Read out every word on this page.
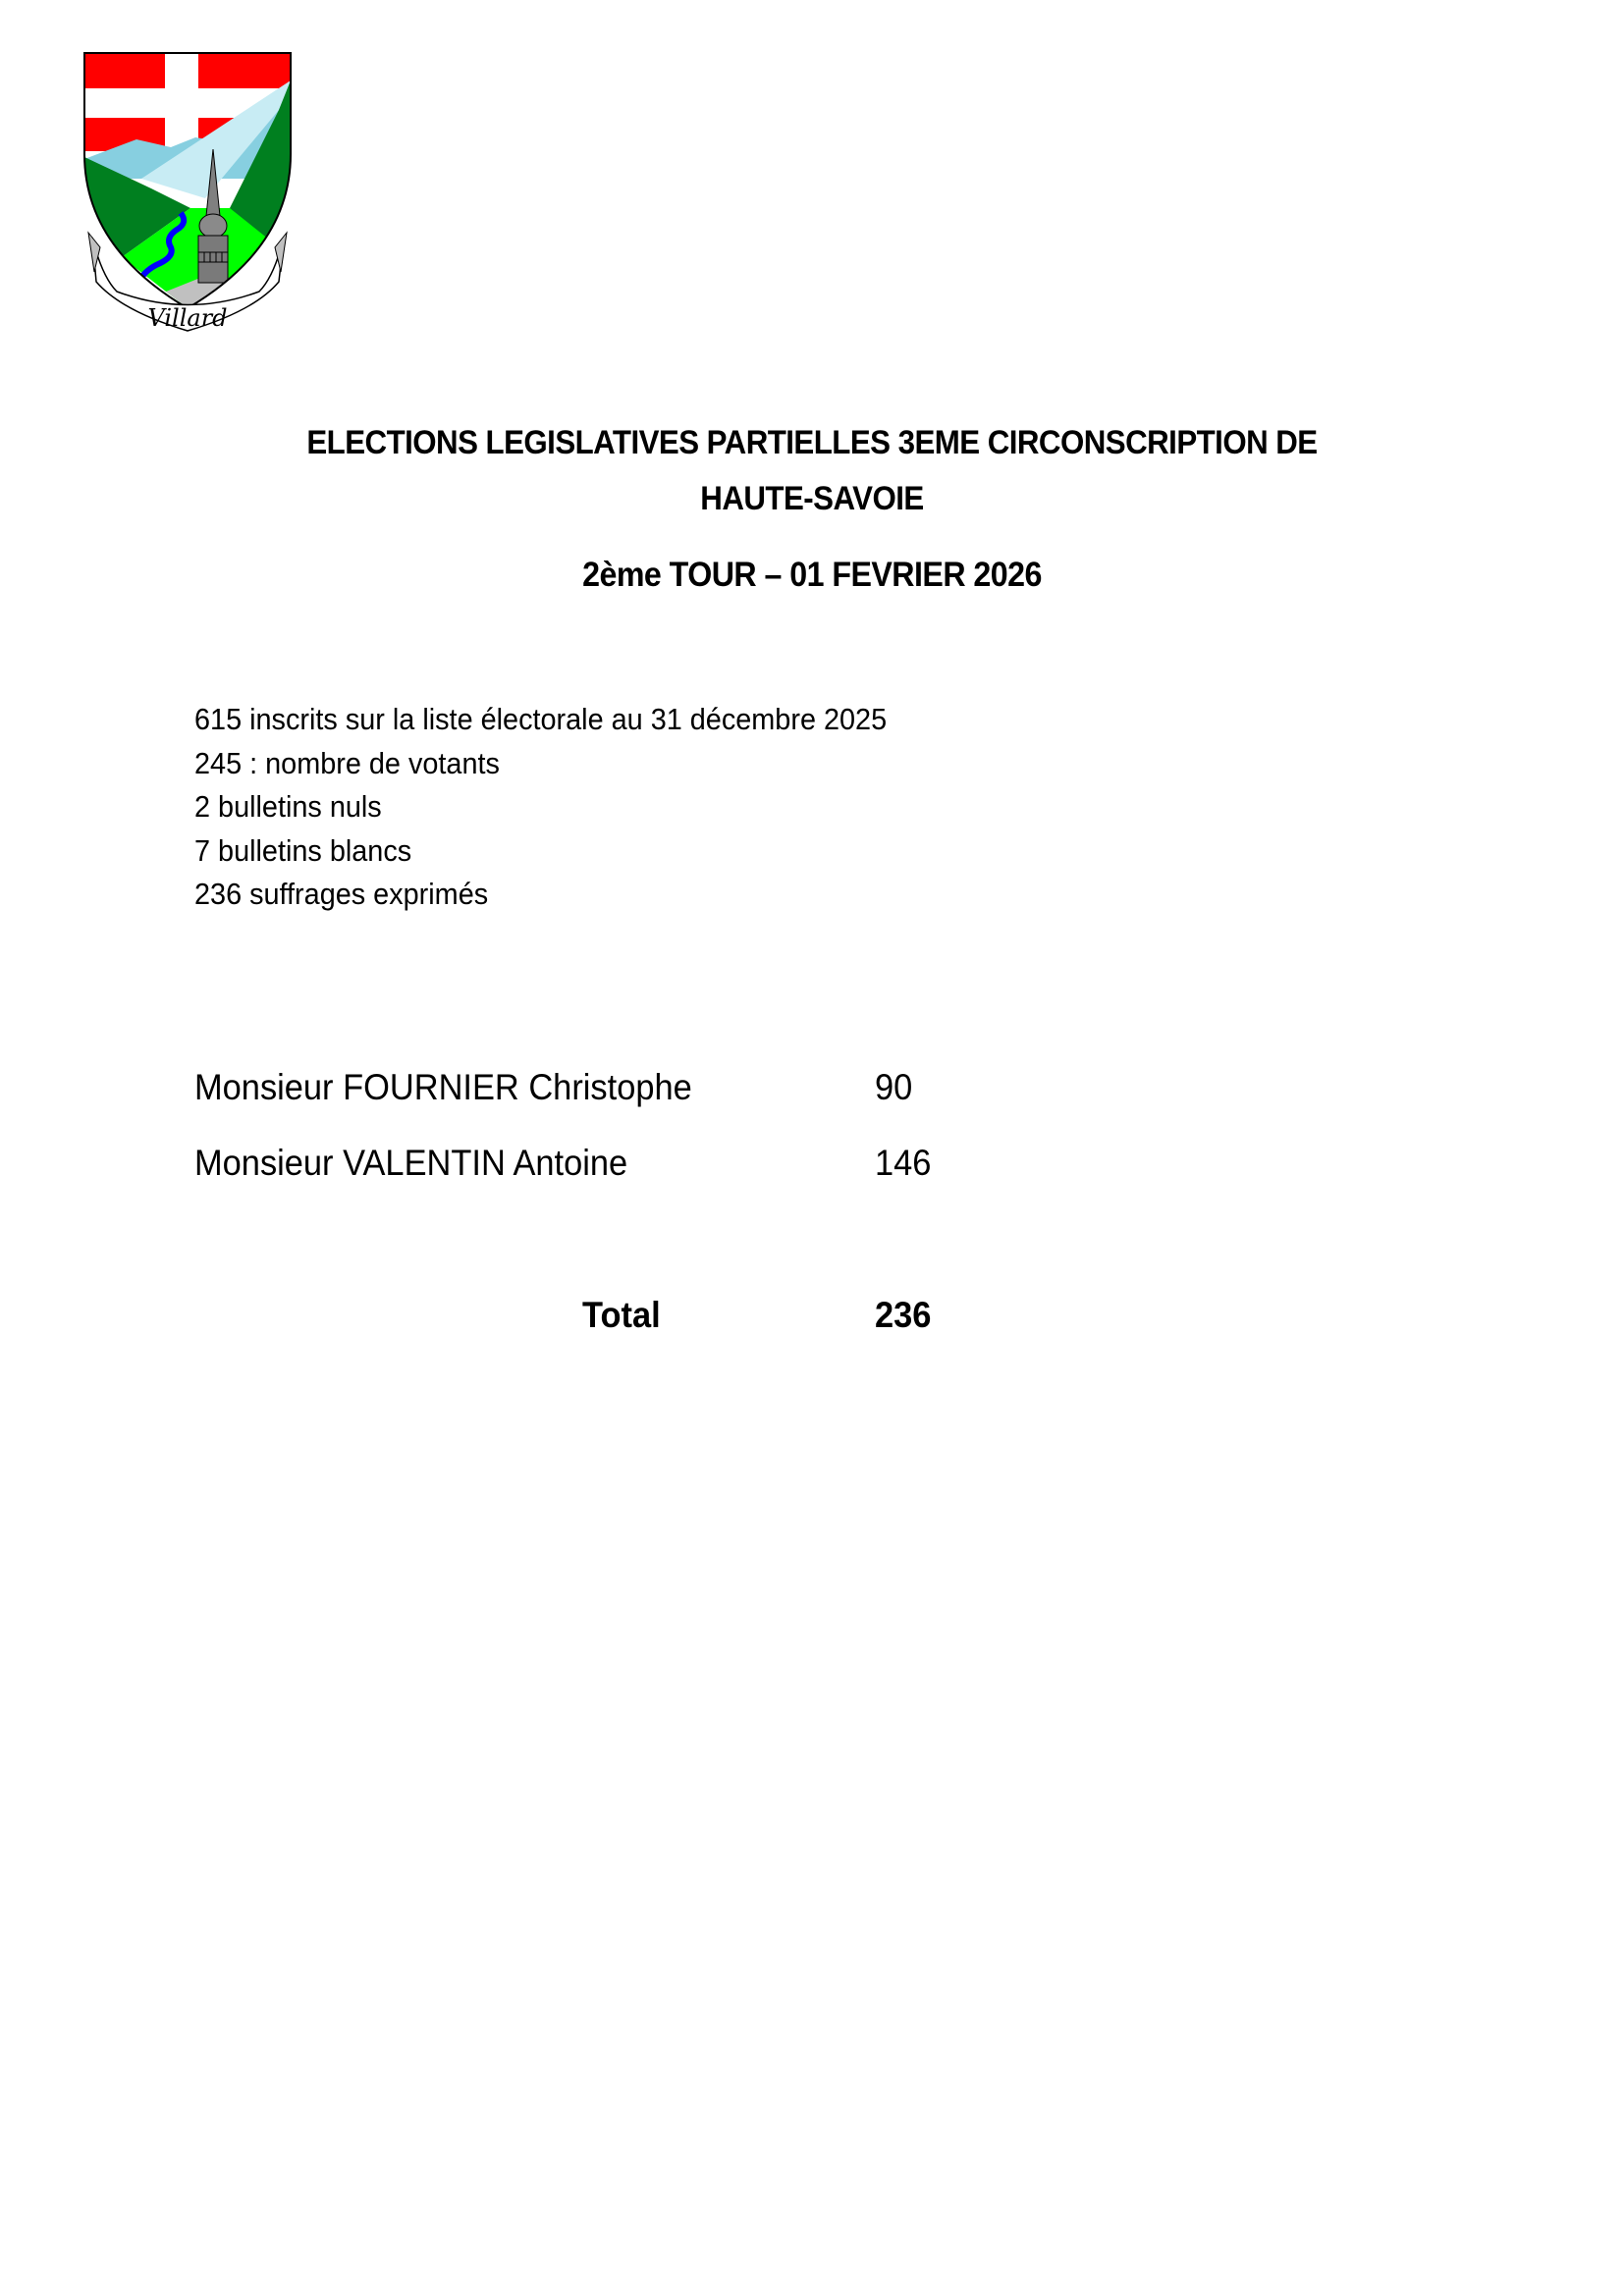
Villard
ELECTIONS LEGISLATIVES PARTIELLES 3EME CIRCONSCRIPTION DE
HAUTE-SAVOIE
2ème TOUR – 01 FEVRIER 2026
615 inscrits sur la liste électorale au 31 décembre 2025
245 : nombre de votants
2 bulletins nuls
7 bulletins blancs
236 suffrages exprimés
Monsieur FOURNIER Christophe	90
Monsieur VALENTIN Antoine	146
Total	236
